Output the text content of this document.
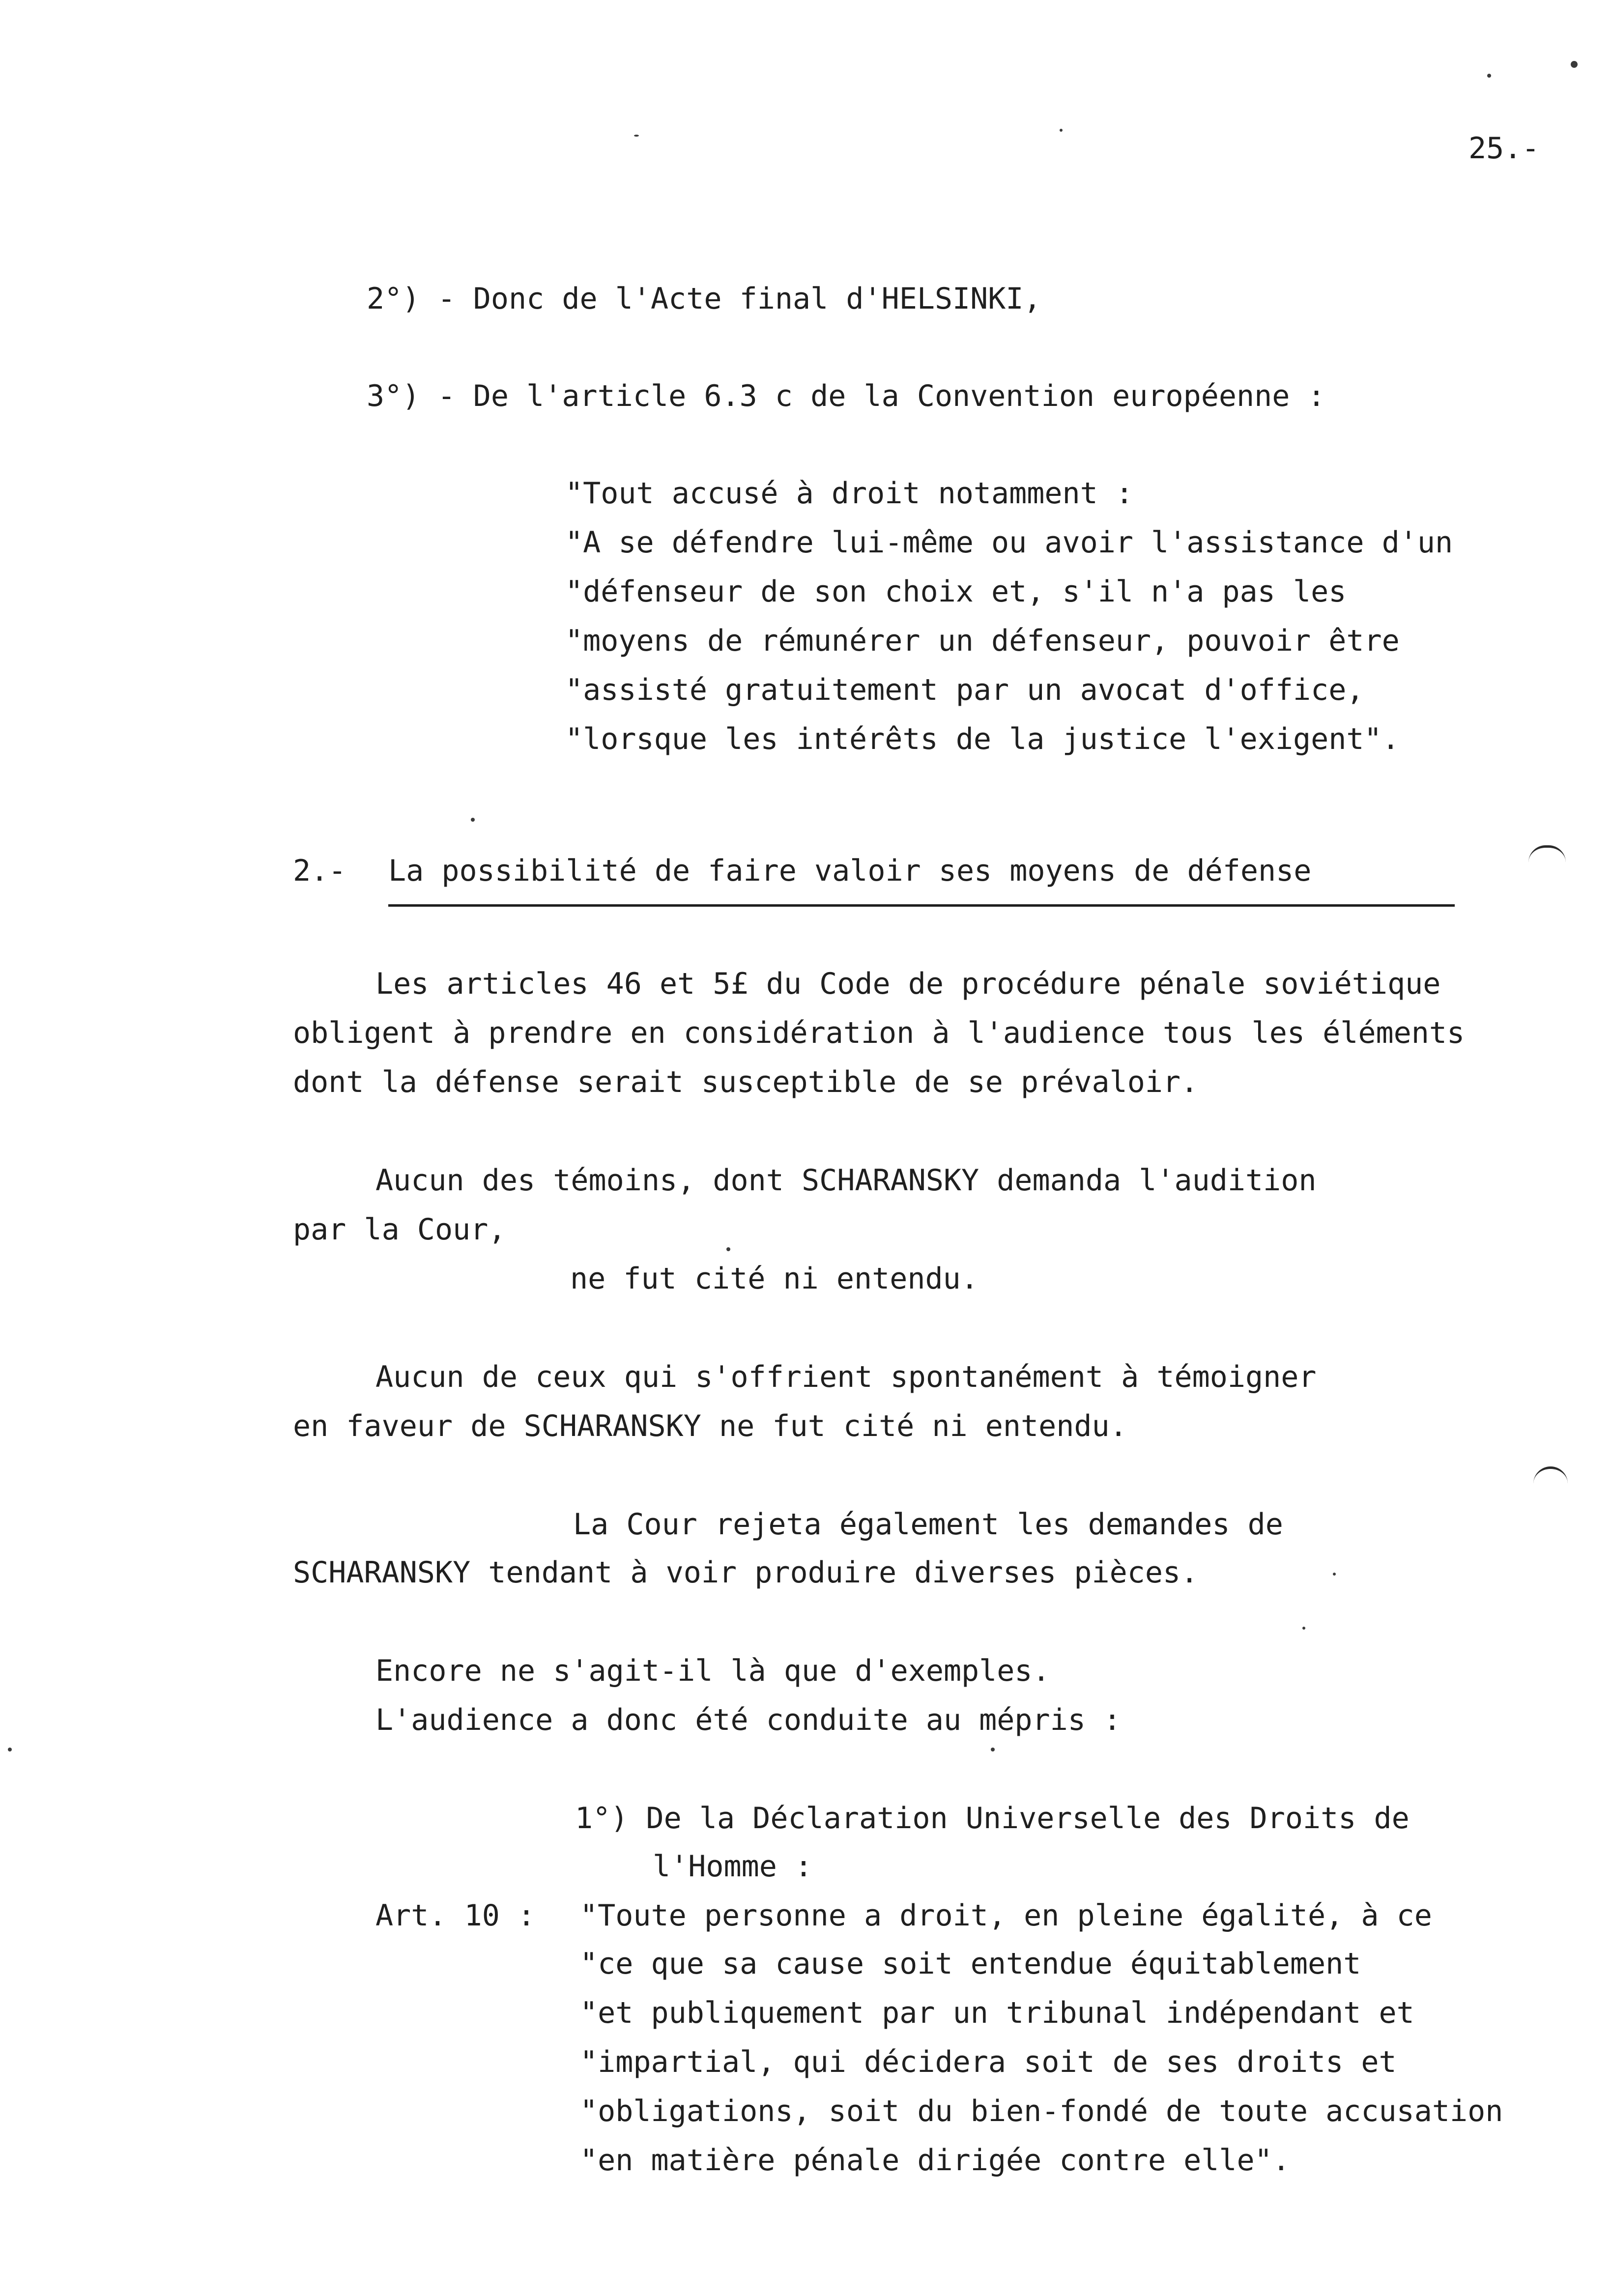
25.-
2°) - Donc de l'Acte final d'HELSINKI,
3°) - De l'article 6.3 c de la Convention européenne :
"Tout accusé à droit notamment :
"A se défendre lui-même ou avoir l'assistance d'un
"défenseur de son choix et, s'il n'a pas les
"moyens de rémunérer un défenseur, pouvoir être
"assisté gratuitement par un avocat d'office,
"lorsque les intérêts de la justice l'exigent".
2.- La possibilité de faire valoir ses moyens de défense
Les articles 46 et 5£ du Code de procédure pénale soviétique
obligent à prendre en considération à l'audience tous les éléments
dont la défense serait susceptible de se prévaloir.
Aucun des témoins, dont SCHARANSKY demanda l'audition
par la Cour,
ne fut cité ni entendu.
Aucun de ceux qui s'offrient spontanément à témoigner
en faveur de SCHARANSKY ne fut cité ni entendu.
La Cour rejeta également les demandes de
SCHARANSKY tendant à voir produire diverses pièces.
Encore ne s'agit-il là que d'exemples.
L'audience a donc été conduite au mépris :
1°) De la Déclaration Universelle des Droits de
l'Homme :
Art. 10 : "Toute personne a droit, en pleine égalité, à ce
"ce que sa cause soit entendue équitablement
"et publiquement par un tribunal indépendant et
"impartial, qui décidera soit de ses droits et
"obligations, soit du bien-fondé de toute accusation
"en matière pénale dirigée contre elle".
